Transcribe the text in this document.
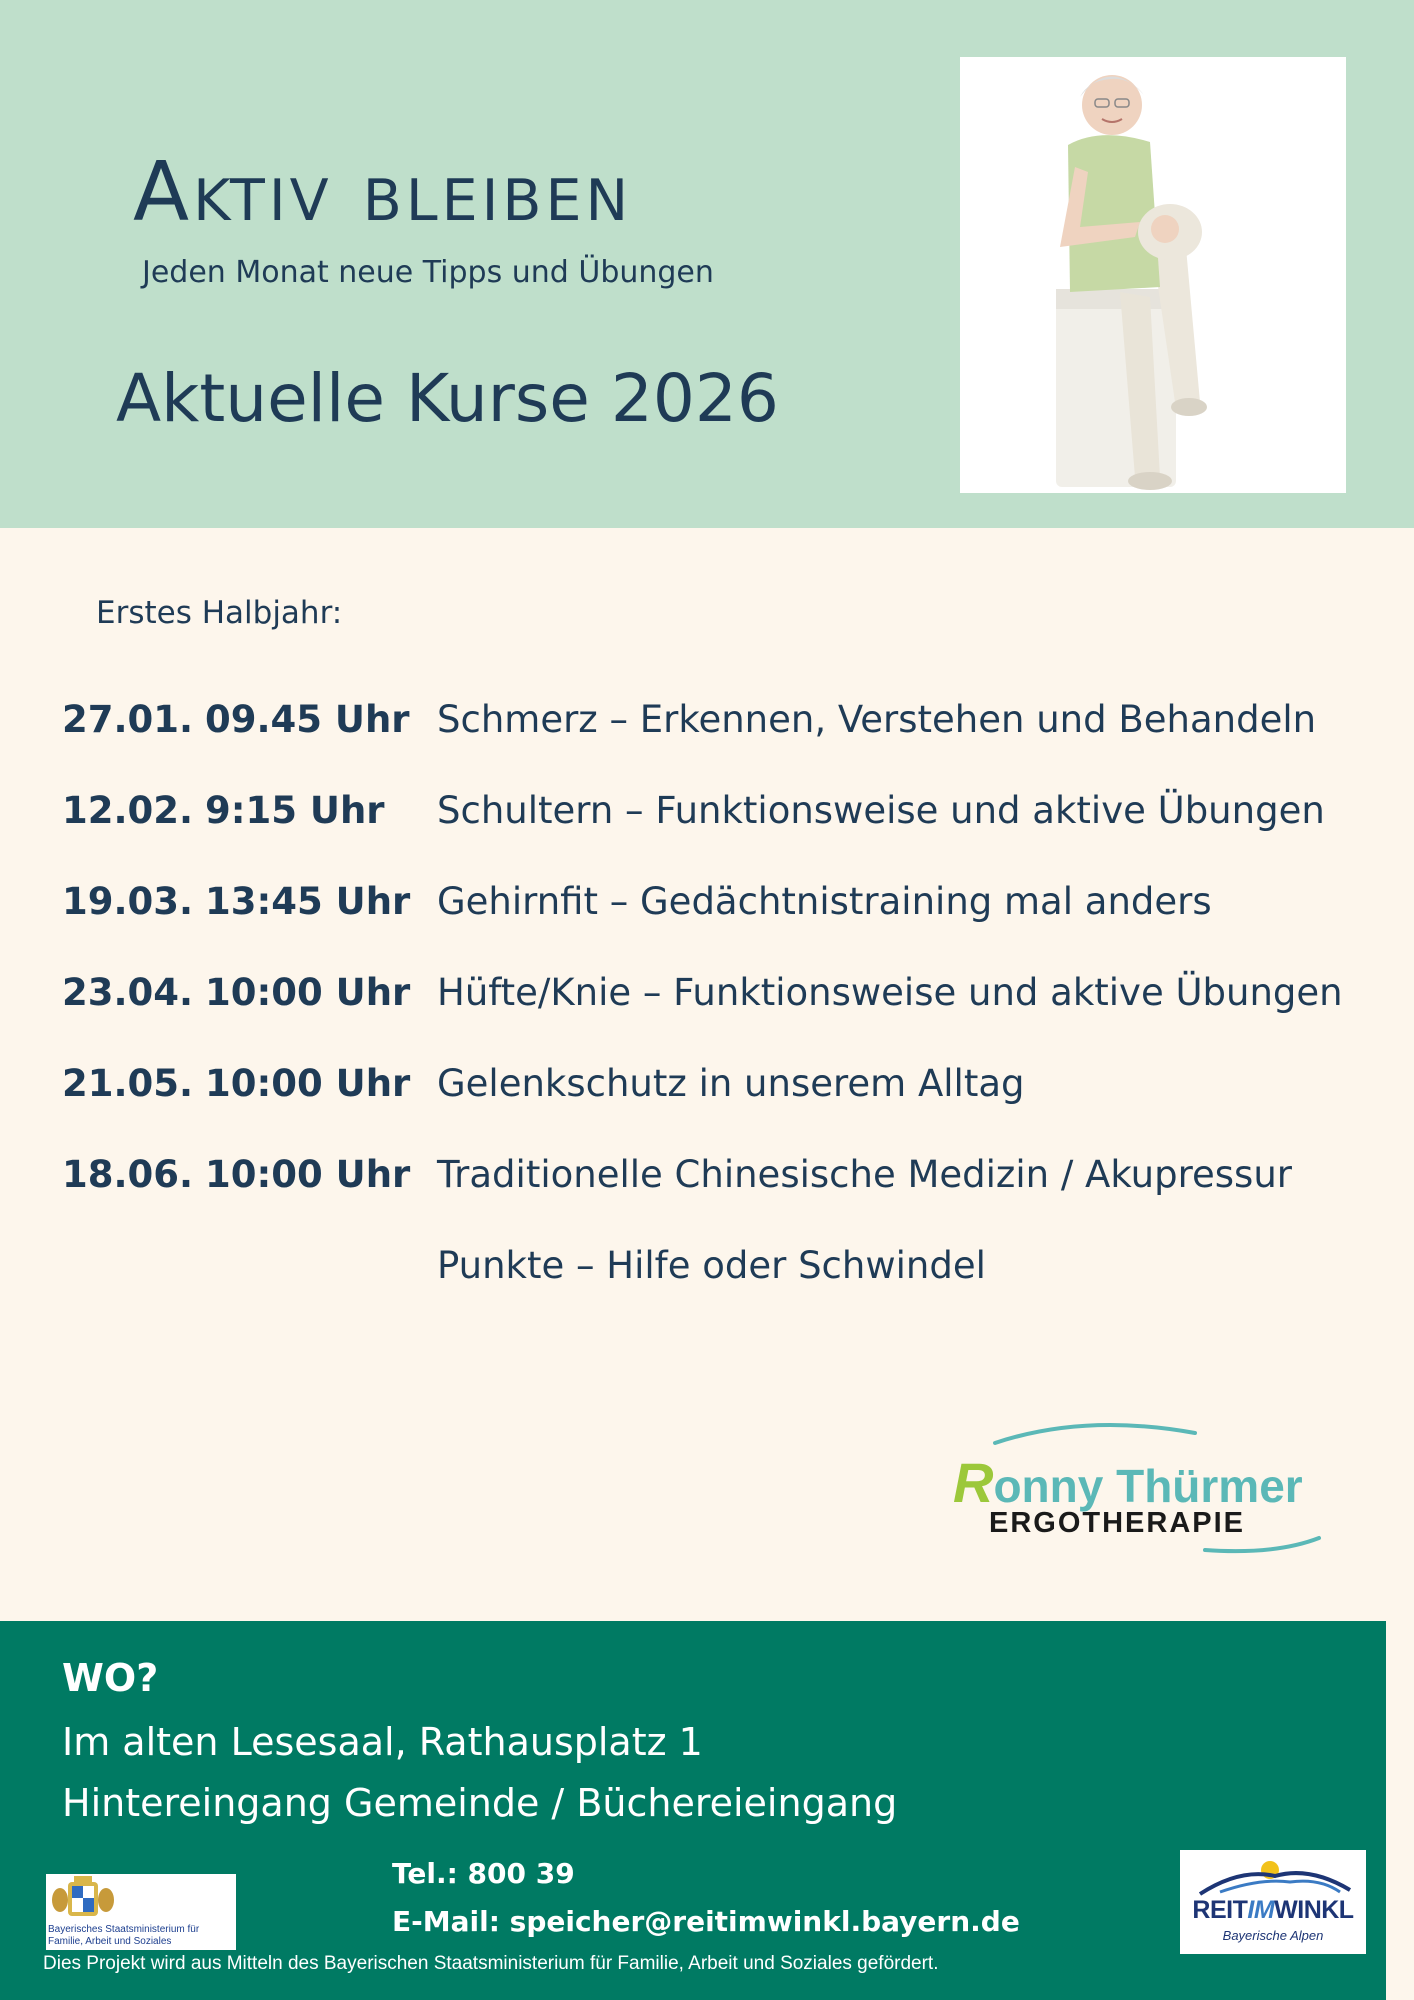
Aktiv bleiben
Jeden Monat neue Tipps und Übungen
Aktuelle Kurse 2026
Erstes Halbjahr:
27.01. 09.45 Uhr Schmerz – Erkennen, Verstehen und Behandeln
12.02. 9:15 Uhr Schultern – Funktionsweise und aktive Übungen
19.03. 13:45 Uhr Gehirnfit – Gedächtnistraining mal anders
23.04. 10:00 Uhr Hüfte/Knie – Funktionsweise und aktive Übungen
21.05. 10:00 Uhr Gelenkschutz in unserem Alltag
18.06. 10:00 Uhr Traditionelle Chinesische Medizin / Akupressur
Punkte – Hilfe oder Schwindel
Ronny Thürmer
ERGOTHERAPIE
WO?
Im alten Lesesaal, Rathausplatz 1
Hintereingang Gemeinde / Büchereieingang
Tel.: 800 39
E-Mail: speicher@reitimwinkl.bayern.de
Bayerisches Staatsministerium für
Familie, Arbeit und Soziales
REITIMWINKL
Bayerische Alpen
Dies Projekt wird aus Mitteln des Bayerischen Staatsministerium für Familie, Arbeit und Soziales gefördert.
